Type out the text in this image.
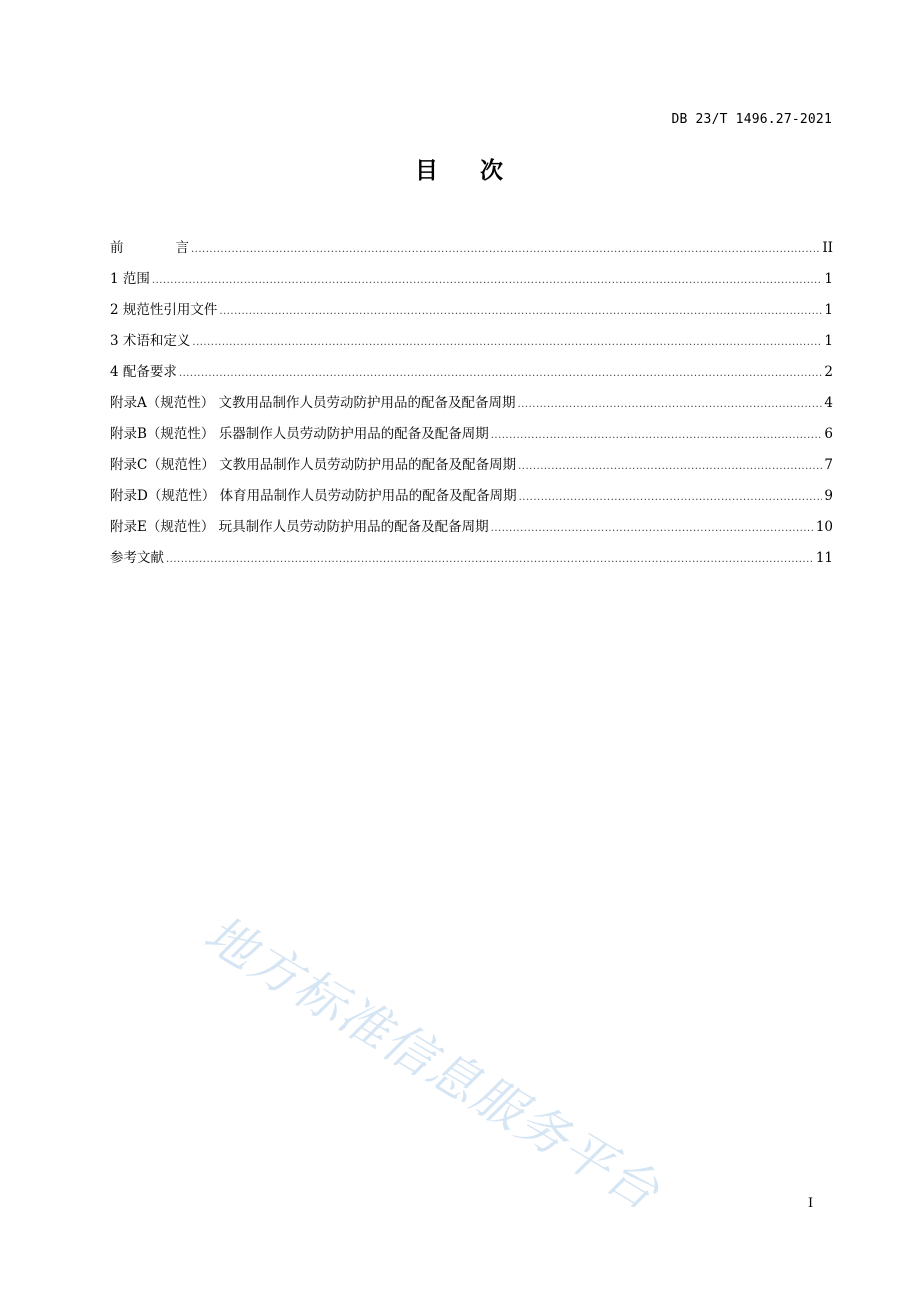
DB 23/T 1496.27-2021
目 次
前 言 .....	II
1 范围 .....	1
2 规范性引用文件 .....	1
3 术语和定义 .....	1
4 配备要求 .....	2
附录A（规范性） 文教用品制作人员劳动防护用品的配备及配备周期 .....	4
附录B（规范性） 乐器制作人员劳动防护用品的配备及配备周期 .....	6
附录C（规范性） 文教用品制作人员劳动防护用品的配备及配备周期 .....	7
附录D（规范性） 体育用品制作人员劳动防护用品的配备及配备周期 .....	9
附录E（规范性） 玩具制作人员劳动防护用品的配备及配备周期 .....	10
参考文献 .....	11
地方标准信息服务平台	I
